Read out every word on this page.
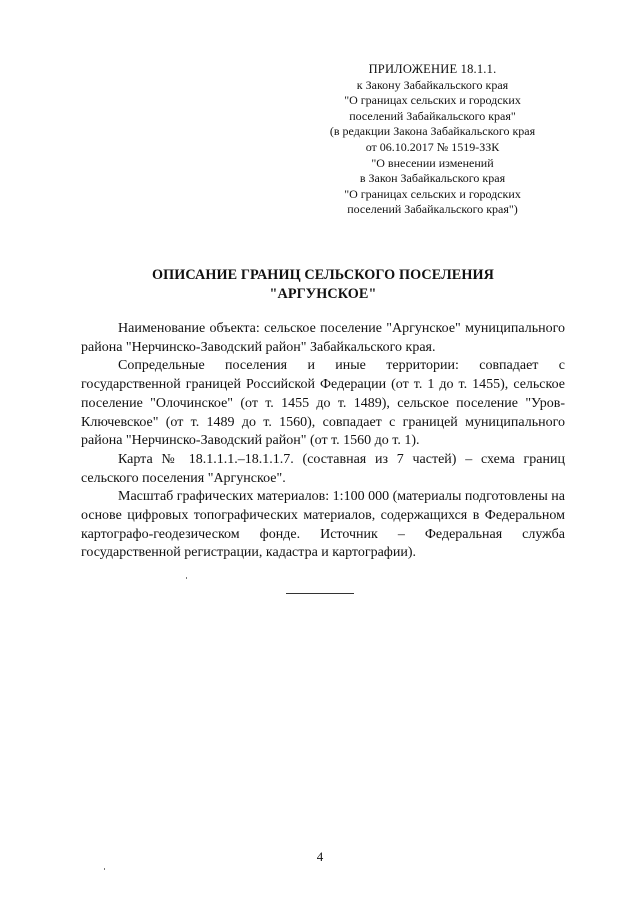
ПРИЛОЖЕНИЕ 18.1.1.
к Закону Забайкальского края
"О границах сельских и городских
поселений Забайкальского края"
(в редакции Закона Забайкальского края
от 06.10.2017 № 1519-ЗЗК
"О внесении изменений
в Закон Забайкальского края
"О границах сельских и городских
поселений Забайкальского края")
ОПИСАНИЕ ГРАНИЦ СЕЛЬСКОГО ПОСЕЛЕНИЯ
"АРГУНСКОЕ"

Наименование объекта: сельское поселение "Аргунское" муниципального района "Нерчинско-Заводский район" Забайкальского края.

Сопредельные поселения и иные территории: совпадает с государственной границей Российской Федерации (от т. 1 до т. 1455), сельское поселение "Олочинское" (от т. 1455 до т. 1489), сельское поселение "Уров-Ключевское" (от т. 1489 до т. 1560), совпадает с границей муниципального района "Нерчинско-Заводский район" (от т. 1560 до т. 1).

Карта № 18.1.1.1.–18.1.1.7. (составная из 7 частей) – схема границ сельского поселения "Аргунское".

Масштаб графических материалов: 1:100 000 (материалы подготовлены на основе цифровых топографических материалов, содержащихся в Федеральном картографо-геодезическом фонде. Источник – Федеральная служба государственной регистрации, кадастра и картографии).

4
